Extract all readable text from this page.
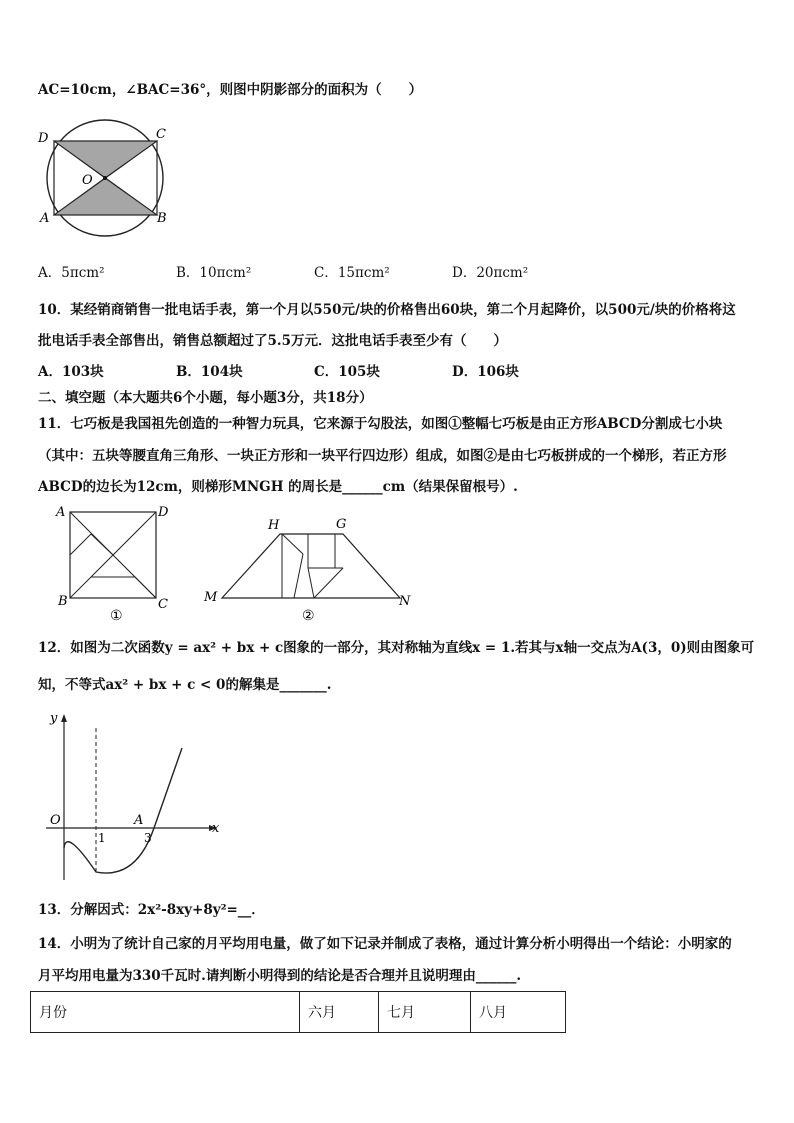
AC=10cm，∠BAC=36°，则图中阴影部分的面积为（　　）
D	C
O
A	B
A．5πcm²	B．10πcm²	C．15πcm²	D．20πcm²
10．某经销商销售一批电话手表，第一个月以550元/块的价格售出60块，第二个月起降价，以500元/块的价格将这
批电话手表全部售出，销售总额超过了5.5万元．这批电话手表至少有（　　）
A．103块	B．104块	C．105块	D．106块
二、填空题（本大题共6个小题，每小题3分，共18分）
11．七巧板是我国祖先创造的一种智力玩具，它来源于勾股法，如图①整幅七巧板是由正方形ABCD分割成七小块
（其中：五块等腰直角三角形、一块正方形和一块平行四边形）组成，如图②是由七巧板拼成的一个梯形，若正方形
ABCD的边长为12cm，则梯形MNGH 的周长是______cm（结果保留根号）.
A	D
B	C
①
H	G
M	N
②
12．如图为二次函数y = ax² + bx + c图象的一部分，其对称轴为直线x = 1.若其与x轴一交点为A(3，0)则由图象可
知，不等式ax² + bx + c < 0的解集是_______.
y
x
O	A
1	3
13．分解因式：2x²-8xy+8y²=__．
14．小明为了统计自己家的月平均用电量，做了如下记录并制成了表格，通过计算分析小明得出一个结论：小明家的
月平均用电量为330千瓦时.请判断小明得到的结论是否合理并且说明理由______.
月份	六月	七月	八月
